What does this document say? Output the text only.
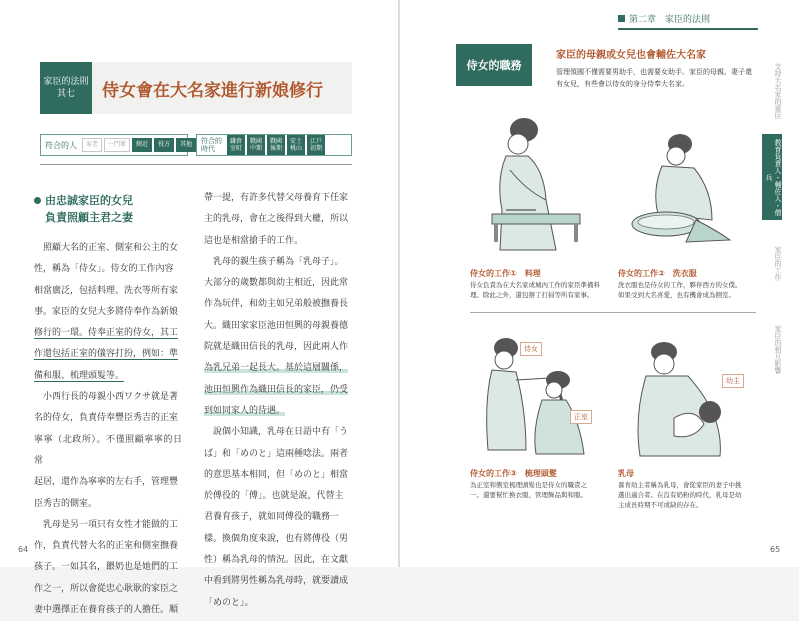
家臣的法則
其七	侍女會在大名家進行新娘修行
符合的人	家老	一門眾	側近	役方	其他	符合的
時代
鎌倉
室町
戰國
中期
戰國
後期
安土
桃山
江戶
初期
由忠誠家臣的女兒
負責照顧主君之妻

照顧大名的正室、側室和公主的女

性，稱為「侍女」。侍女的工作內容

相當廣泛，包括料理、洗衣等所有家

事。家臣的女兒大多將侍奉作為新娘

修行的一環。侍奉正室的侍女，其工

作還包括正室的儀容打扮，例如：準

備和服、梳理頭髮等。

小西行長的母親小西ワクサ就是著

名的侍女，負責侍奉豐臣秀吉的正室

寧寧（北政所）。不僅照顧寧寧的日常

起居，還作為寧寧的左右手，管理豐

臣秀吉的側室。

乳母是另一項只有女性才能做的工

作，負責代替大名的正室和側室撫養

孩子。一如其名，餵奶也是她們的工

作之一，所以會從忠心耿耿的家臣之

妻中選擇正在養育孩子的人擔任。順

帶一提，有許多代替父母養育下任家

主的乳母，會在之後得到大權，所以

這也是相當搶手的工作。

乳母的親生孩子稱為「乳母子」。

大部分的歲數都與幼主相近，因此常

作為玩伴，和幼主如兄弟般被撫養長

大。織田家家臣池田恒興的母親養德

院就是織田信長的乳母，因此兩人作

為乳兄弟一起長大。基於這層關係，

池田恒興作為織田信長的家臣，仍受

到如同家人的待遇。

說個小知識，乳母在日語中有「う

ば」和「めのと」這兩種唸法。兩者

的意思基本相同，但「めのと」相當

於傅役的「傅」。也就是說，代替主

君養育孩子，就如同傅役的職務一

樣。換個角度來說，也有將傅役（男

性）稱為乳母的情況。因此，在文獻

中看到將男性稱為乳母時，就要讀成

「めのと」。

64
第二章　家臣的法則
支持大名家的重臣
教育負責人・輔佐人・僧兵
家臣的工作
家臣的相互影響
侍女的職務
家臣的母親或女兒也會輔佐大名家
管理領國不僅需要男助手，也需要女助手。家臣的母親、妻子還
有女兒，有些會以侍女的身分侍奉大名家。
侍女的工作①　料理
侍女負責為在大名家或城內工作的家臣準備料
理。除此之外，還包辦了打掃等所有家事。
侍女的工作②　洗衣服
洗衣服也是侍女的工作，夥伴西方的女僕。
如果受到大名喜愛，也有機會成為側室。
侍女
正室
幼主
侍女的工作③　梳理頭髮
為正室和側室梳理頭髮也是侍女的職責之
一。還要幫忙換衣服、管理飾品與和服。
乳母
養育幼主者稱為乳母，會從家臣的妻子中挑
選出適合者。在沒有奶粉的時代，乳母是幼
主成長時期不可或缺的存在。
65
